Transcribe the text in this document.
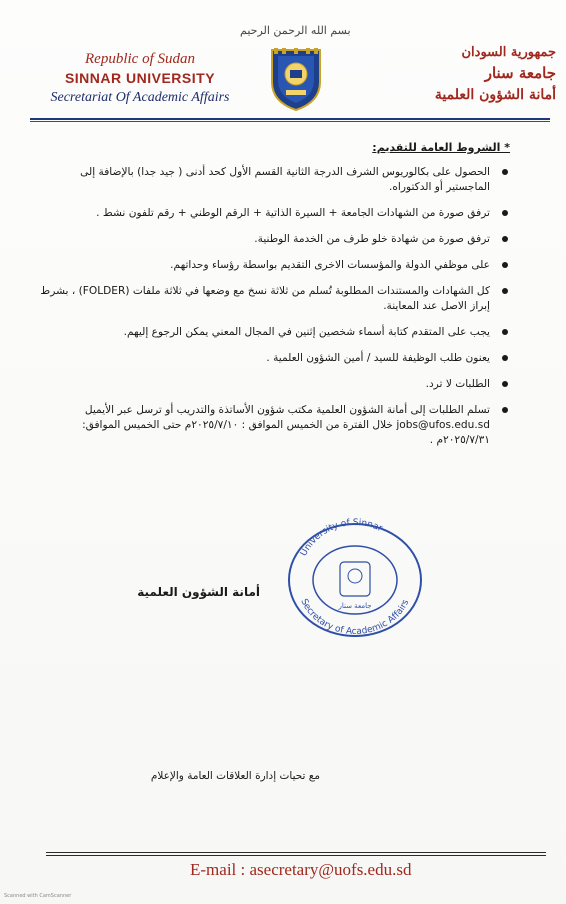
بسم الله الرحمن الرحيم
Republic of Sudan
SINNAR UNIVERSITY
Secretariat Of Academic Affairs
جمهورية السودان
جامعة سنار
أمانة الشؤون العلمية
* الشروط العامة للتقديم:
الحصول على بكالوريوس الشرف الدرجة الثانية القسم الأول كحد أدنى ( جيد جدا) بالإضافة إلى الماجستير أو الدكتوراه.
ترفق صورة من الشهادات الجامعة + السيرة الذاتية + الرقم الوطني + رقم تلفون نشط .
ترفق صورة من شهادة خلو طرف من الخدمة الوطنية.
على موظفي الدولة والمؤسسات الاخرى التقديم بواسطة رؤساء وحداتهم.
كل الشهادات والمستندات المطلوبة تُسلم من ثلاثة نسخ مع وضعها في ثلاثة ملفات (FOLDER) ، بشرط إبراز الاصل عند المعاينة.
يجب على المتقدم كتابة أسماء شخصين إثنين في المجال المعني يمكن الرجوع إليهم.
يعنون طلب الوظيفة للسيد / أمين الشؤون العلمية .
الطلبات لا ترد.
تسلم الطلبات إلى أمانة الشؤون العلمية مكتب شؤون الأساتذة والتدريب أو ترسل عبر الأيميل jobs@ufos.edu.sd خلال الفترة من الخميس الموافق : ٢٠٢٥/٧/١٠م حتى الخميس الموافق: ٢٠٢٥/٧/٣١م .
University of Sinnar
Secretary of Academic Affairs
جامعة سنار
أمانة الشؤون العلمية
مع تحيات إدارة العلاقات العامة والإعلام
E-mail : asecretary@uofs.edu.sd
Scanned with CamScanner
